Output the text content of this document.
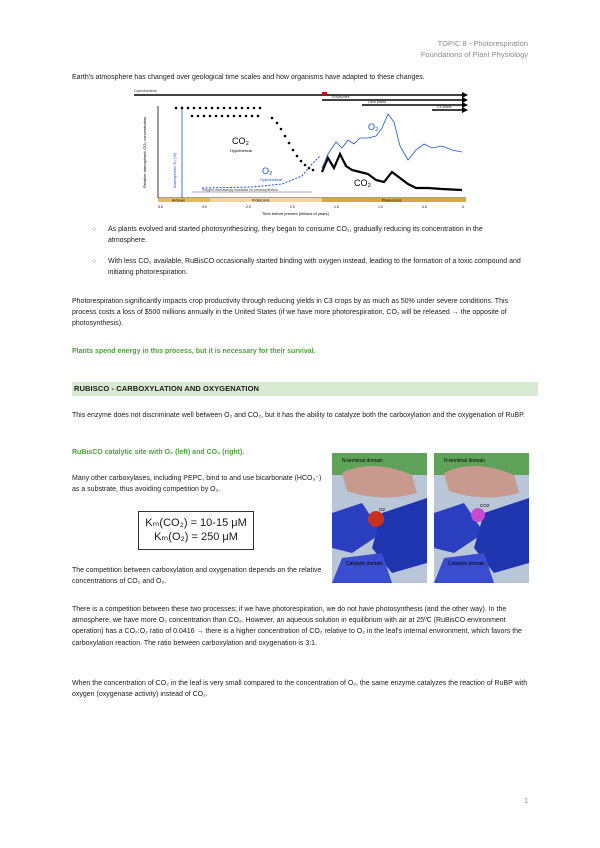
TOPIC 8 - Photorespiration
Foundations of Plant Physiology
Earth's atmosphere has changed over geological time scales and how organisms have adapted to these changes.
Cyanobacteria
Eukaryotes
Land plants
C4 plants
Relative atmospheric CO₂ concentration	Atmospheric O₂ (%)
CO₂
Hypothetical
O₂
Hypothetical
O₂
CO₂
Oxygen increasingly available for photosynthesis
Archean	Proterozoic	Phanerozoic
3.5	3.0	2.5	2.0	1.5	1.0	0.5	0
Time before present (billions of years)
○ As plants evolved and started photosynthesizing, they began to consume CO₂, gradually reducing its concentration in the atmosphere.
○ With less CO₂ available, RuBisCO occasionally started binding with oxygen instead, leading to the formation of a toxic compound and initiating photorespiration.
Photorespiration significantly impacts crop productivity through reducing yields in C3 crops by as much as 50% under severe conditions. This process costs a loss of $500 millions annually in the United States (if we have more photorespiration, CO₂ will be released → the opposite of photosynthesis).
Plants spend energy in this process, but it is necessary for their survival.
RUBISCO - CARBOXYLATION AND OXYGENATION
This enzyme does not discriminate well between O₂ and CO₂, but it has the ability to catalyze both the carboxylation and the oxygenation of RuBP.
RuBisCO catalytic site with O₂ (left) and CO₂ (right).
Many other carboxylases, including PEPC, bind to and use bicarbonate (HCO₃⁻) as a substrate, thus avoiding competition by O₂.
Kₘ(CO₂) = 10-15 μM
Kₘ(O₂) = 250 μM
The competition between carboxylation and oxygenation depends on the relative concentrations of CO₂ and O₂.
N-terminal domain
O2
Catalytic domain
N-terminal domain
CO2
Catalytic domain
There is a competition between these two processes; if we have photorespiration, we do not have photosynthesis (and the other way). In the atmosphere, we have more O₂ concentration than CO₂. However, an aqueous solution in equilibrium with air at 25ºC (RuBisCO environment operation) has a CO₂:O₂ ratio of 0.0416 → there is a higher concentration of CO₂ relative to O₂ in the leaf's internal environment, which favors the carboxylation reaction. The ratio between carboxylation and oxygenation is 3:1.
When the concentration of CO₂ in the leaf is very small compared to the concentration of O₂, the same enzyme catalyzes the reaction of RuBP with oxygen (oxygenase activity) instead of CO₂.
1
